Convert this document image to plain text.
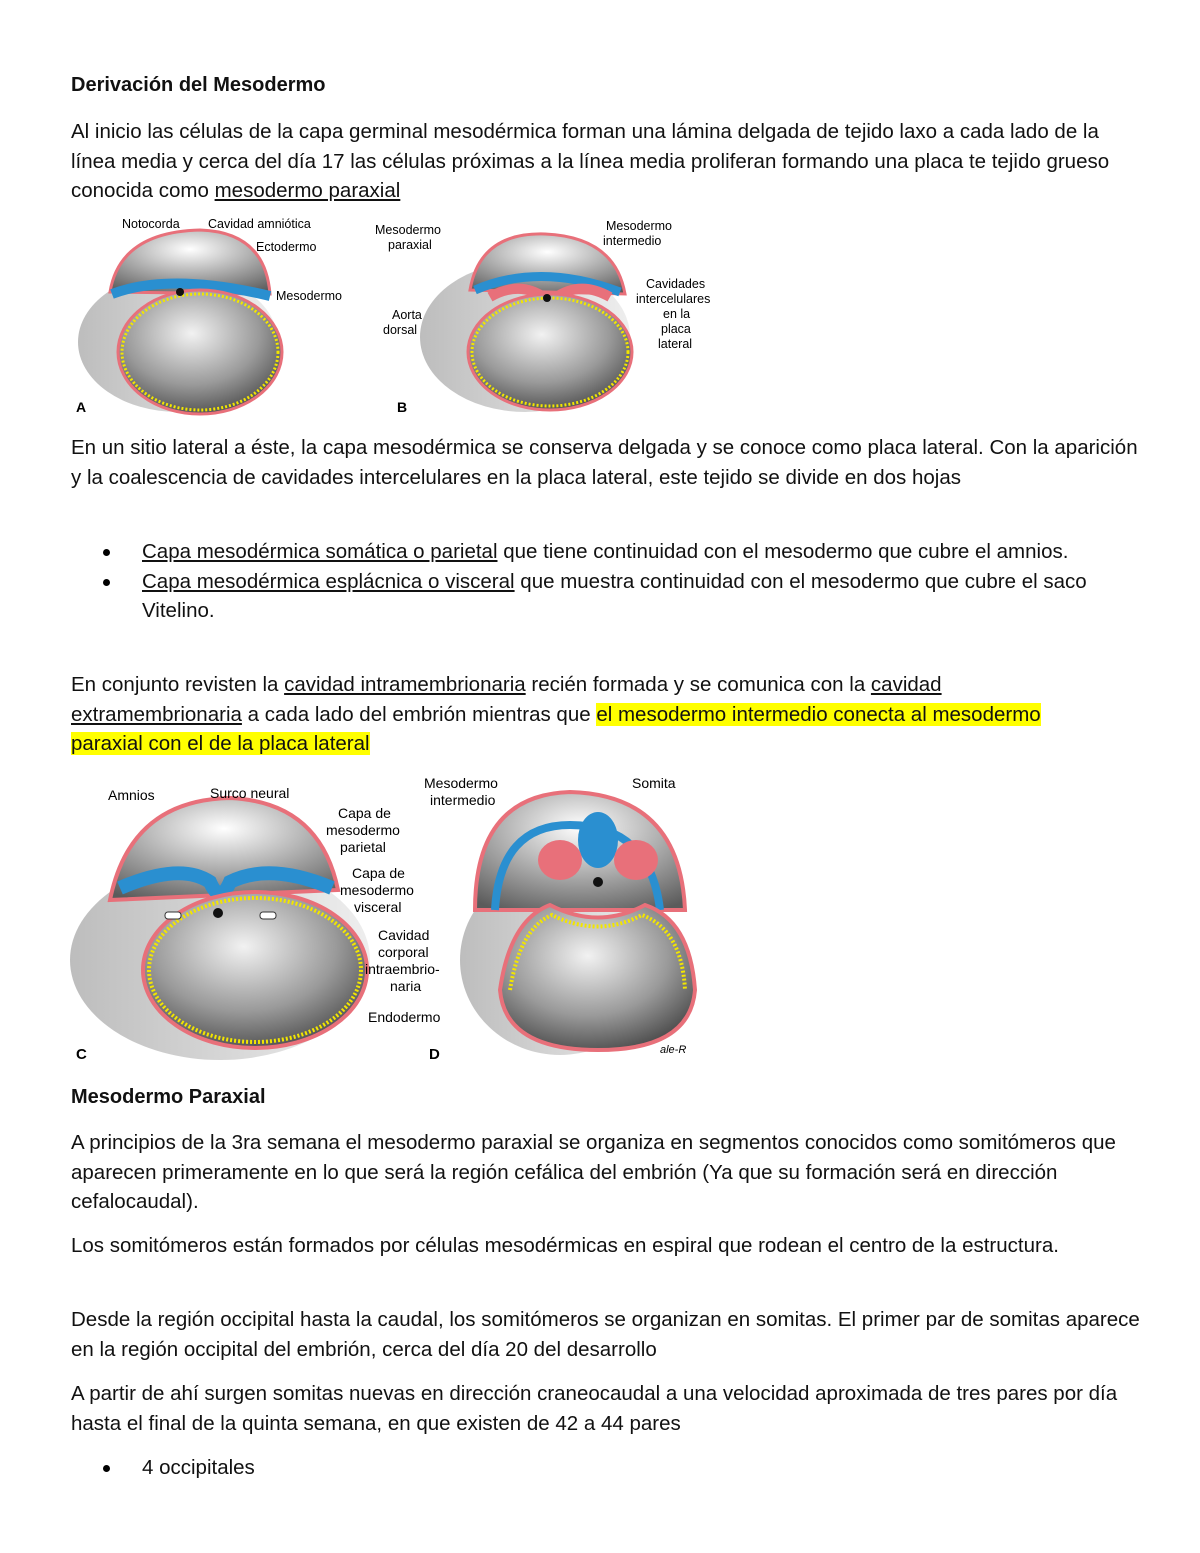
Derivación del Mesodermo
Al inicio las células de la capa germinal mesodérmica forman una lámina delgada de tejido laxo a cada lado de la línea media y cerca del día 17 las células próximas a la línea media proliferan formando una placa te tejido grueso conocida como mesodermo paraxial
Notocorda Cavidad amniótica
Ectodermo
Mesodermo
A
Mesodermo
paraxial
Mesodermo
intermedio
Aorta
dorsal
Cavidades
intercelulares
en la
placa
lateral
B
En un sitio lateral a éste, la capa mesodérmica se conserva delgada y se conoce como placa lateral. Con la aparición y la coalescencia de cavidades intercelulares en la placa lateral, este tejido se divide en dos hojas
Capa mesodérmica somática o parietal que tiene continuidad con el mesodermo que cubre el amnios.
Capa mesodérmica esplácnica o visceral que muestra continuidad con el mesodermo que cubre el saco Vitelino.
En conjunto revisten la cavidad intramembrionaria recién formada y se comunica con la cavidad extramembrionaria a cada lado del embrión mientras que el mesodermo intermedio conecta al mesodermo paraxial con el de la placa lateral
Amnios	Surco neural
Capa de
mesodermo
parietal
Capa de
mesodermo
visceral
Cavidad
corporal
intraembrio-
naria
Endodermo
C
Mesodermo
intermedio
Somita
D	ale-R
Mesodermo Paraxial
A principios de la 3ra semana el mesodermo paraxial se organiza en segmentos conocidos como somitómeros que aparecen primeramente en lo que será la región cefálica del embrión (Ya que su formación será en dirección cefalocaudal).
Los somitómeros están formados por células mesodérmicas en espiral que rodean el centro de la estructura.
Desde la región occipital hasta la caudal, los somitómeros se organizan en somitas. El primer par de somitas aparece en la región occipital del embrión, cerca del día 20 del desarrollo
A partir de ahí surgen somitas nuevas en dirección craneocaudal a una velocidad aproximada de tres pares por día hasta el final de la quinta semana, en que existen de 42 a 44 pares
4 occipitales
